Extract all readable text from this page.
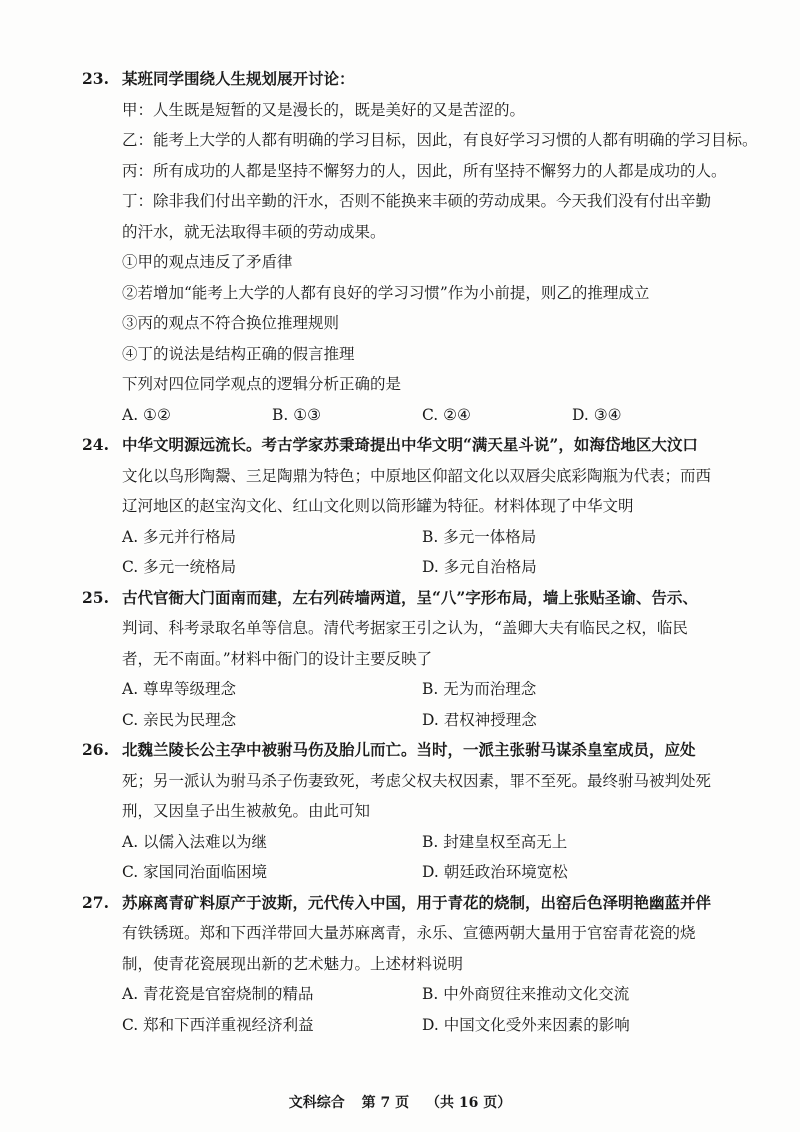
23. 某班同学围绕人生规划展开讨论：
甲：人生既是短暂的又是漫长的，既是美好的又是苦涩的。
乙：能考上大学的人都有明确的学习目标，因此，有良好学习习惯的人都有明确的学习目标。
丙：所有成功的人都是坚持不懈努力的人，因此，所有坚持不懈努力的人都是成功的人。
丁：除非我们付出辛勤的汗水，否则不能换来丰硕的劳动成果。今天我们没有付出辛勤
的汗水，就无法取得丰硕的劳动成果。
①甲的观点违反了矛盾律
②若增加“能考上大学的人都有良好的学习习惯”作为小前提，则乙的推理成立
③丙的观点不符合换位推理规则
④丁的说法是结构正确的假言推理
下列对四位同学观点的逻辑分析正确的是
A. ①②	B. ①③	C. ②④	D. ③④
24. 中华文明源远流长。考古学家苏秉琦提出中华文明“满天星斗说”，如海岱地区大汶口
文化以鸟形陶鬶、三足陶鼎为特色；中原地区仰韶文化以双唇尖底彩陶瓶为代表；而西
辽河地区的赵宝沟文化、红山文化则以筒形罐为特征。材料体现了中华文明
A. 多元并行格局	B. 多元一体格局
C. 多元一统格局	D. 多元自治格局
25. 古代官衙大门面南而建，左右列砖墙两道，呈“八”字形布局，墙上张贴圣谕、告示、
判词、科考录取名单等信息。清代考据家王引之认为，“盖卿大夫有临民之权，临民
者，无不南面。”材料中衙门的设计主要反映了
A. 尊卑等级理念	B. 无为而治理念
C. 亲民为民理念	D. 君权神授理念
26. 北魏兰陵长公主孕中被驸马伤及胎儿而亡。当时，一派主张驸马谋杀皇室成员，应处
死；另一派认为驸马杀子伤妻致死，考虑父权夫权因素，罪不至死。最终驸马被判处死
刑，又因皇子出生被赦免。由此可知
A. 以儒入法难以为继	B. 封建皇权至高无上
C. 家国同治面临困境	D. 朝廷政治环境宽松
27. 苏麻离青矿料原产于波斯，元代传入中国，用于青花的烧制，出窑后色泽明艳幽蓝并伴
有铁锈斑。郑和下西洋带回大量苏麻离青，永乐、宣德两朝大量用于官窑青花瓷的烧
制，使青花瓷展现出新的艺术魅力。上述材料说明
A. 青花瓷是官窑烧制的精品	B. 中外商贸往来推动文化交流
C. 郑和下西洋重视经济利益	D. 中国文化受外来因素的影响
文科综合 第 7 页 （共 16 页）
